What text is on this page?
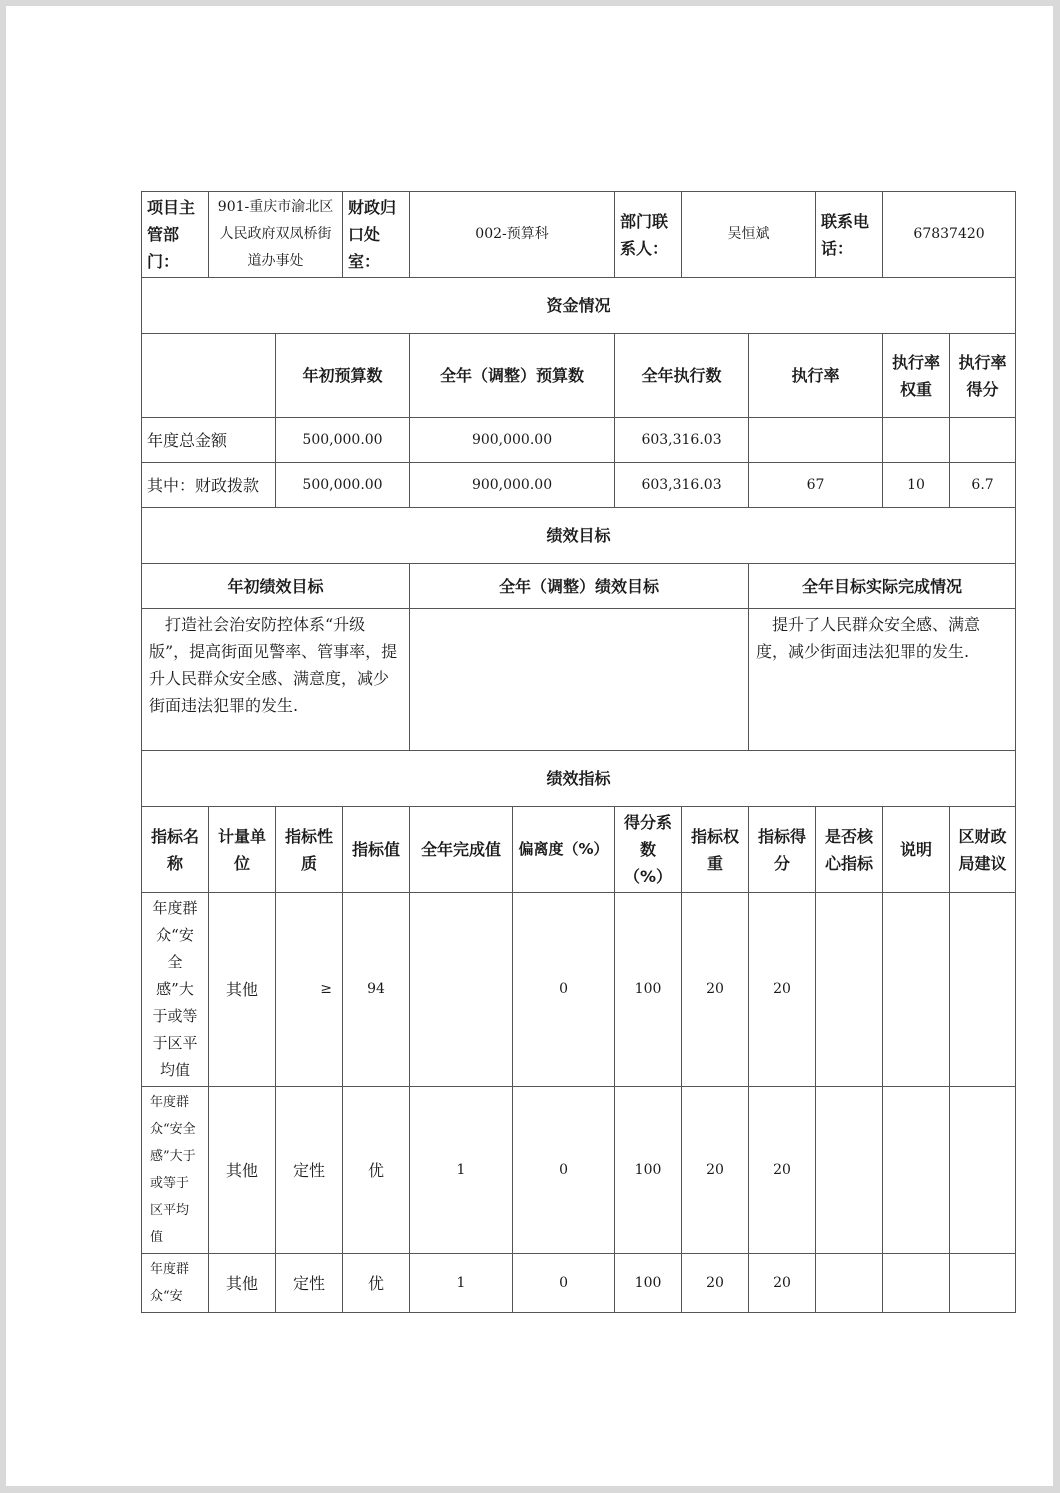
项目主管部门：	901-重庆市渝北区人民政府双凤桥街道办事处		财政归口处室：	002-预算科		部门联系人：	吴恒斌		联系电话：	67837420	
资金情况											
		年初预算数		全年（调整）预算数		全年执行数		执行率		执行率权重	执行率得分
年度总金额		500,000.00		900,000.00		603,316.03					
其中：财政拨款		500,000.00		900,000.00		603,316.03		67		10	6.7
绩效目标											
年初绩效目标				全年（调整）绩效目标				全年目标实际完成情况			
打造社会治安防控体系“升级版”，提高街面见警率、管事率，提升人民群众安全感、满意度，减少街面违法犯罪的发生.								提升了人民群众安全感、满意度，减少街面违法犯罪的发生.			
绩效指标											
指标名称	计量单位	指标性质	指标值	全年完成值	偏离度（%）	得分系数（%）	指标权重	指标得分	是否核心指标	说明	区财政局建议
年度群众“安全感”大于或等于区平均值	其他	≥	94		0	100	20	20			
年度群众“安全感”大于或等于区平均值	其他	定性	优	1	0	100	20	20			
年度群众“安	其他	定性	优	1	0	100	20	20			
